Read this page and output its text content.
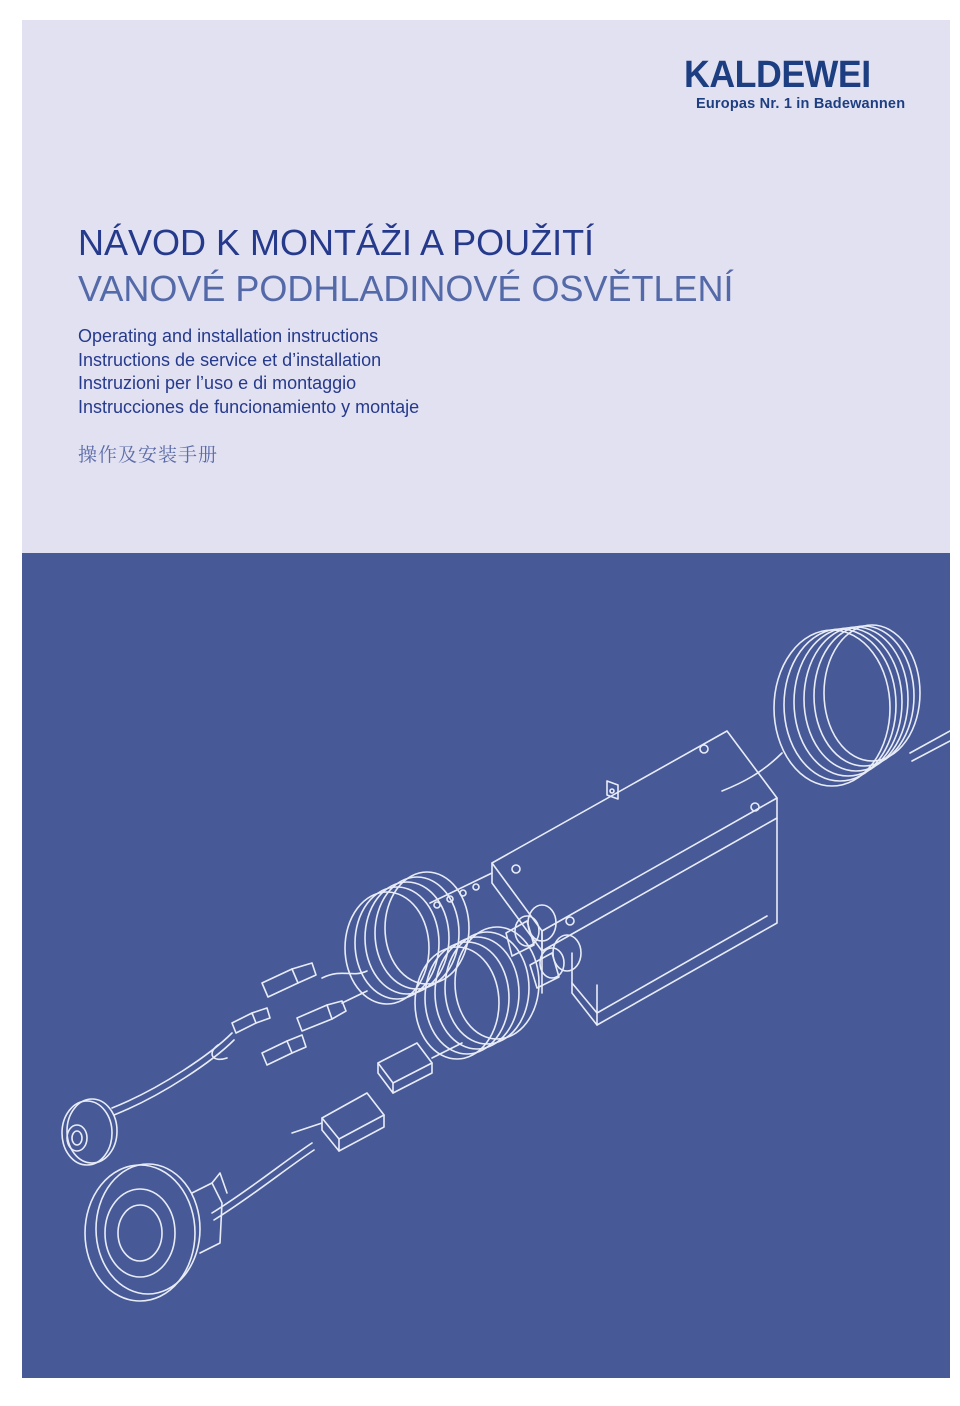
KALDEWEI
Europas Nr. 1 in Badewannen
NÁVOD K MONTÁŽI A POUŽITÍ
VANOVÉ PODHLADINOVÉ OSVĚTLENÍ
Operating and installation instructions
Instructions de service et d’installation
Instruzioni per l’uso e di montaggio
Instrucciones de funcionamiento y montaje
操作及安装手册
